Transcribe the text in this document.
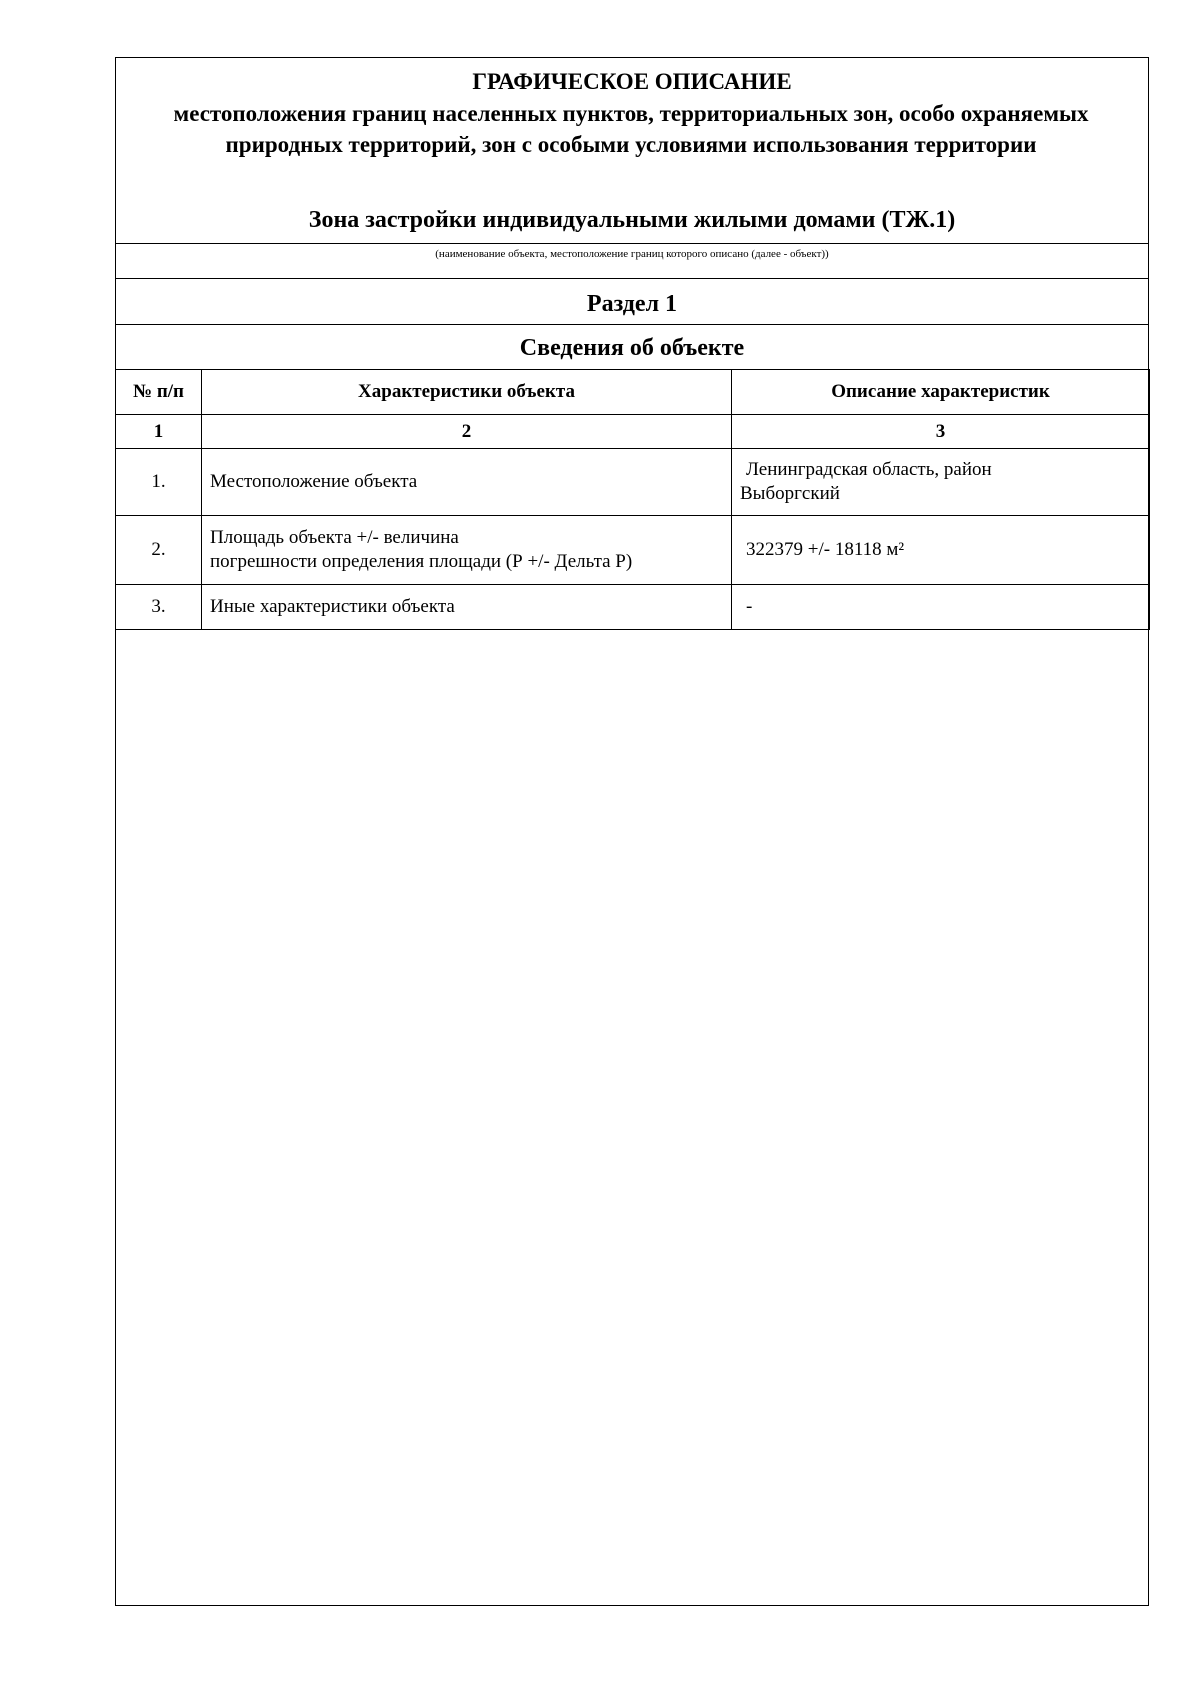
ГРАФИЧЕСКОЕ ОПИСАНИЕ
местоположения границ населенных пунктов, территориальных зон, особо охраняемых природных территорий, зон с особыми условиями использования территории
Зона застройки индивидуальными жилыми домами (ТЖ.1)
(наименование объекта, местоположение границ которого описано (далее - объект))
Раздел 1
Сведения об объекте
№ п/п	Характеристики объекта	Описание характеристик
1	2	3
1.	Местоположение объекта	Ленинградская область, район
Выборгский

2.	Площадь объекта +/- величина
погрешности определения площади (Р +/- Дельта Р)	322379 +/- 18118 м²

3.	Иные характеристики объекта	-
